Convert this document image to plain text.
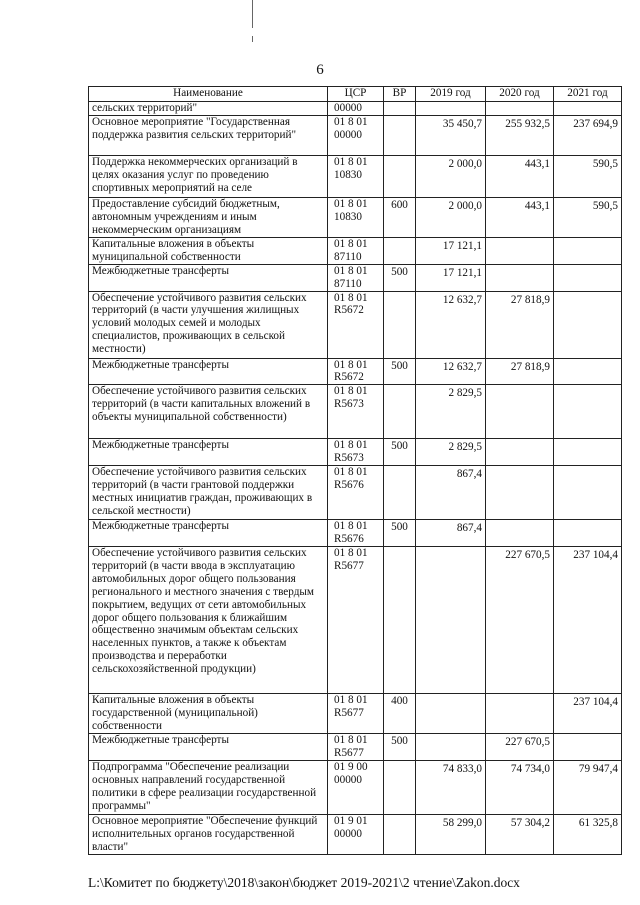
6
Наименование	ЦСР	ВР	2019 год	2020 год	2021 год
сельских территорий"	00000				
Основное мероприятие "Государственная поддержка развития сельских территорий"	01 8 01 00000		35 450,7	255 932,5	237 694,9
Поддержка некоммерческих организаций в целях оказания услуг по проведению спортивных мероприятий на селе	01 8 01 10830		2 000,0	443,1	590,5
Предоставление субсидий бюджетным, автономным учреждениям и иным некоммерческим организациям	01 8 01 10830	600	2 000,0	443,1	590,5
Капитальные вложения в объекты муниципальной собственности	01 8 01 87110		17 121,1		
Межбюджетные трансферты	01 8 01 87110	500	17 121,1		
Обеспечение устойчивого развития сельских территорий (в части улучшения жилищных условий молодых семей и молодых специалистов, проживающих в сельской местности)	01 8 01 R5672		12 632,7	27 818,9	
Межбюджетные трансферты	01 8 01 R5672	500	12 632,7	27 818,9	
Обеспечение устойчивого развития сельских территорий (в части капитальных вложений в объекты муниципальной собственности)	01 8 01 R5673		2 829,5		
Межбюджетные трансферты	01 8 01 R5673	500	2 829,5		
Обеспечение устойчивого развития сельских территорий (в части грантовой поддержки местных инициатив граждан, проживающих в сельской местности)	01 8 01 R5676		867,4		
Межбюджетные трансферты	01 8 01 R5676	500	867,4		
Обеспечение устойчивого развития сельских территорий (в части ввода в эксплуатацию автомобильных дорог общего пользования регионального и местного значения с твердым покрытием, ведущих от сети автомобильных дорог общего пользования к ближайшим общественно значимым объектам сельских населенных пунктов, а также к объектам производства и переработки сельскохозяйственной продукции)	01 8 01 R5677			227 670,5	237 104,4
Капитальные вложения в объекты государственной (муниципальной) собственности	01 8 01 R5677	400			237 104,4
Межбюджетные трансферты	01 8 01 R5677	500		227 670,5	
Подпрограмма "Обеспечение реализации основных направлений государственной политики в сфере реализации государственной программы"	01 9 00 00000		74 833,0	74 734,0	79 947,4
Основное мероприятие "Обеспечение функций исполнительных органов государственной власти"	01 9 01 00000		58 299,0	57 304,2	61 325,8
L:\Комитет по бюджету\2018\закон\бюджет 2019-2021\2 чтение\Zakon.docx
